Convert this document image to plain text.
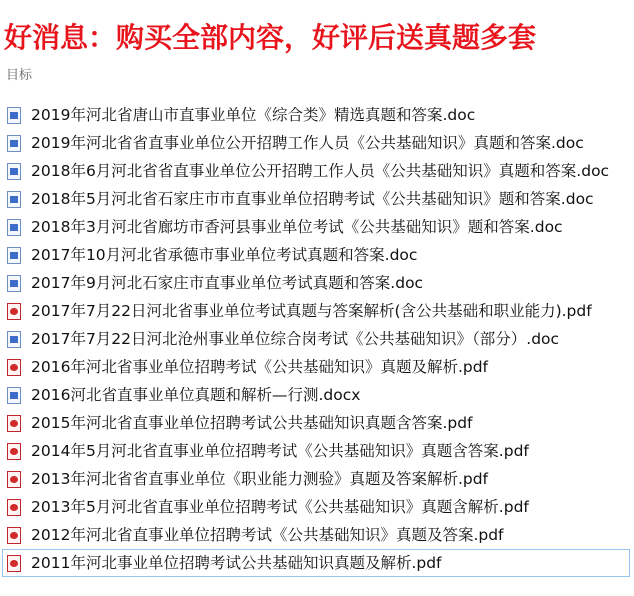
好消息：购买全部内容，好评后送真题多套
目标
2019年河北省唐山市直事业单位《综合类》精选真题和答案.doc
2019年河北省省直事业单位公开招聘工作人员《公共基础知识》真题和答案.doc
2018年6月河北省省直事业单位公开招聘工作人员《公共基础知识》真题和答案.doc
2018年5月河北省石家庄市市直事业单位招聘考试《公共基础知识》题和答案.doc
2018年3月河北省廊坊市香河县事业单位考试《公共基础知识》题和答案.doc
2017年10月河北省承德市事业单位考试真题和答案.doc
2017年9月河北石家庄市直事业单位考试真题和答案.doc
2017年7月22日河北省事业单位考试真题与答案解析(含公共基础和职业能力).pdf
2017年7月22日河北沧州事业单位综合岗考试《公共基础知识》（部分）.doc
2016年河北省事业单位招聘考试《公共基础知识》真题及解析.pdf
2016河北省直事业单位真题和解析—行测.docx
2015年河北省直事业单位招聘考试公共基础知识真题含答案.pdf
2014年5月河北省直事业单位招聘考试《公共基础知识》真题含答案.pdf
2013年河北省省直事业单位《职业能力测验》真题及答案解析.pdf
2013年5月河北省直事业单位招聘考试《公共基础知识》真题含解析.pdf
2012年河北省直事业单位招聘考试《公共基础知识》真题及答案.pdf
2011年河北事业单位招聘考试公共基础知识真题及解析.pdf
